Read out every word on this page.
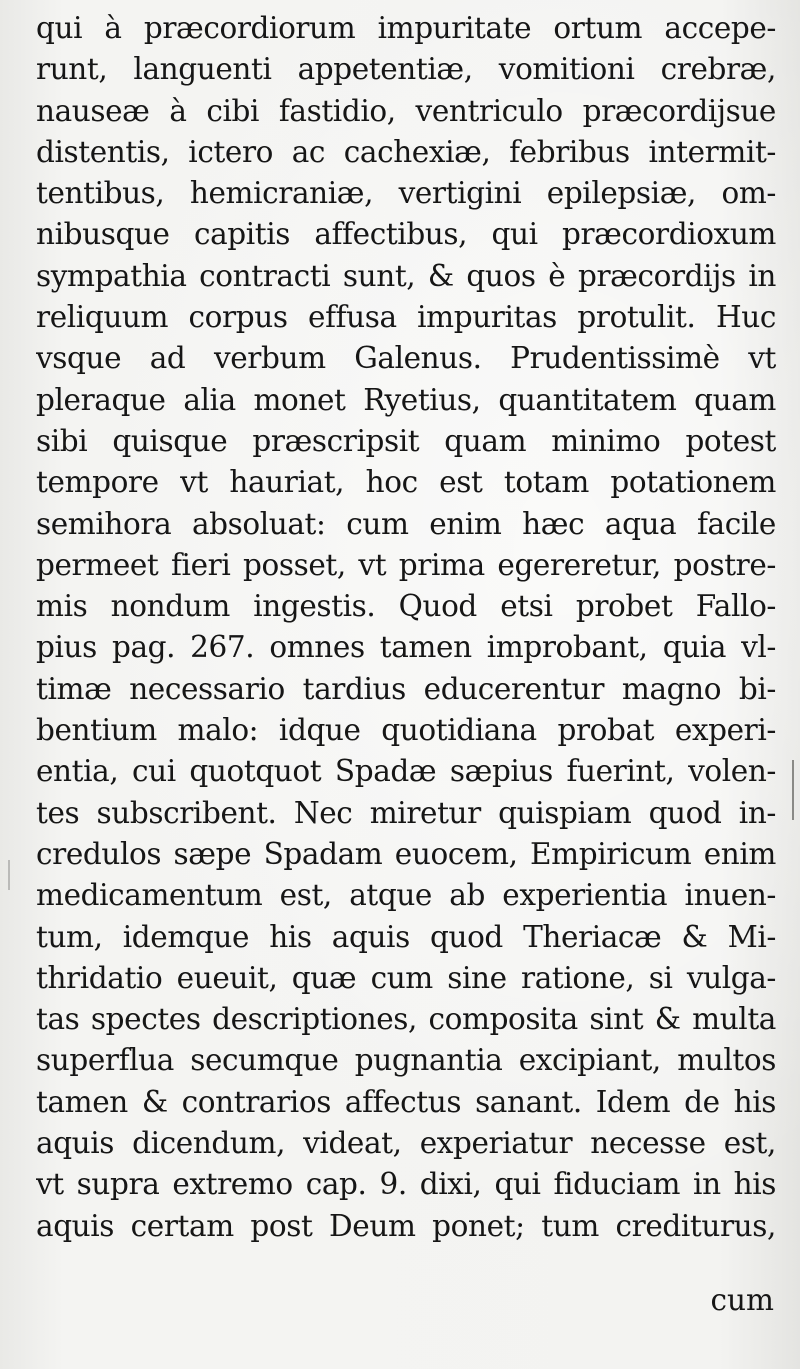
qui à præcordiorum impuritate ortum accepe-
runt, languenti appetentiæ, vomitioni crebræ,
nauseæ à cibi fastidio, ventriculo præcordijsue
distentis, ictero ac cachexiæ, febribus intermit-
tentibus, hemicraniæ, vertigini epilepsiæ, om-
nibusque capitis affectibus, qui præcordioxum
sympathia contracti sunt, & quos è præcordijs in
reliquum corpus effusa impuritas protulit. Huc
vsque ad verbum Galenus. Prudentissimè vt
pleraque alia monet Ryetius, quantitatem quam
sibi quisque præscripsit quam minimo potest
tempore vt hauriat, hoc est totam potationem
semihora absoluat: cum enim hæc aqua facile
permeet fieri posset, vt prima egereretur, postre-
mis nondum ingestis. Quod etsi probet Fallo-
pius pag. 267. omnes tamen improbant, quia vl-
timæ necessario tardius educerentur magno bi-
bentium malo: idque quotidiana probat experi-
entia, cui quotquot Spadæ sæpius fuerint, volen-
tes subscribent. Nec miretur quispiam quod in-
credulos sæpe Spadam euocem, Empiricum enim
medicamentum est, atque ab experientia inuen-
tum, idemque his aquis quod Theriacæ & Mi-
thridatio eueuit, quæ cum sine ratione, si vulga-
tas spectes descriptiones, composita sint & multa
superflua secumque pugnantia excipiant, multos
tamen & contrarios affectus sanant. Idem de his
aquis dicendum, videat, experiatur necesse est,
vt supra extremo cap. 9. dixi, qui fiduciam in his
aquis certam post Deum ponet; tum crediturus,
cum
